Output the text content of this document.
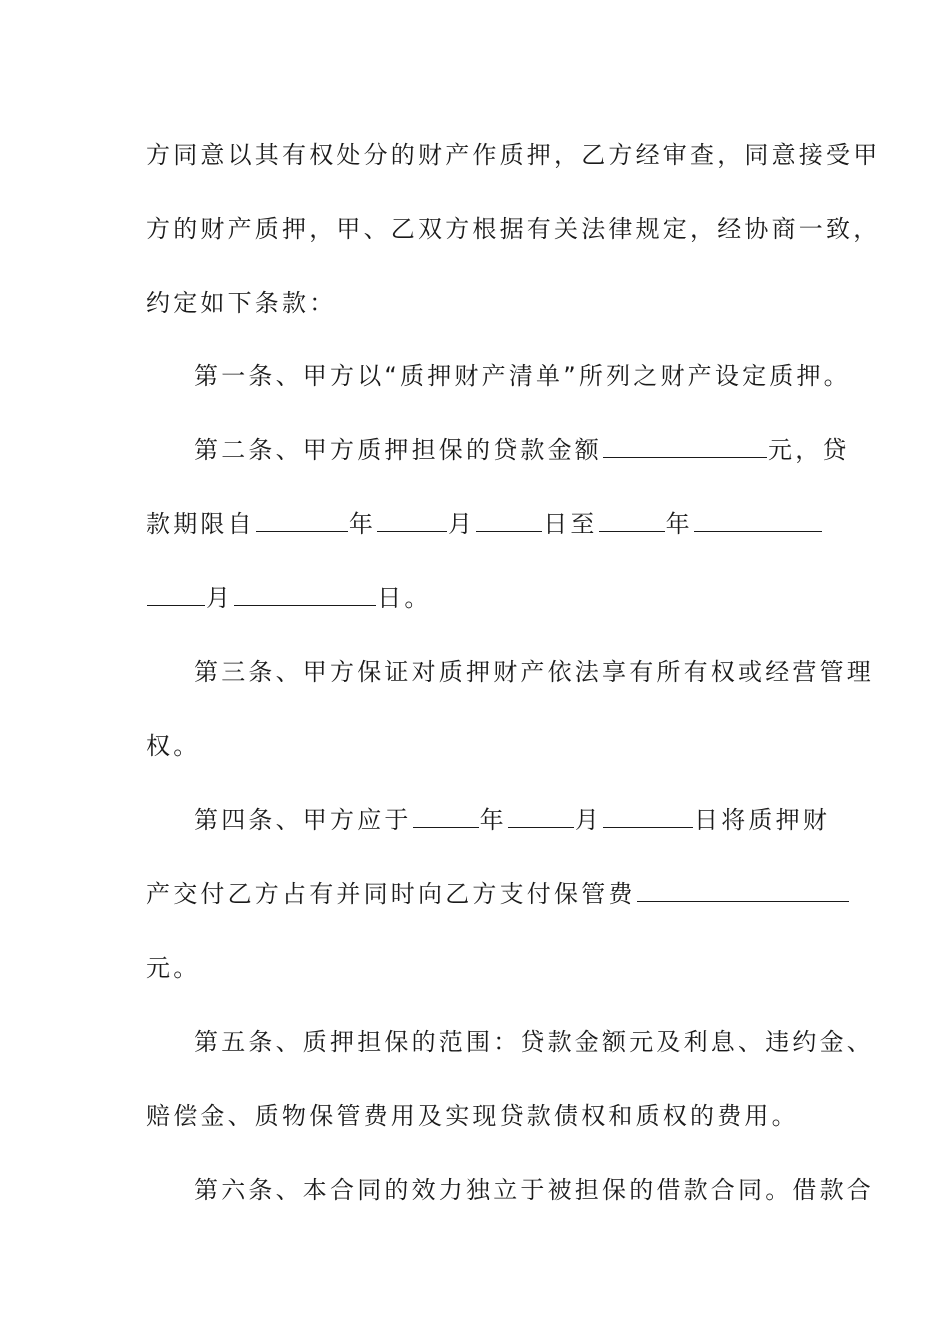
方同意以其有权处分的财产作质押，乙方经审查，同意接受甲
方的财产质押，甲、乙双方根据有关法律规定，经协商一致，
约定如下条款：
第一条、甲方以“质押财产清单”所列之财产设定质押。
第二条、甲方质押担保的贷款金额	元，贷
款期限自	年	月	日至	年
月	日。
第三条、甲方保证对质押财产依法享有所有权或经营管理
权。
第四条、甲方应于	年	月	日将质押财
产交付乙方占有并同时向乙方支付保管费
元。
第五条、质押担保的范围：贷款金额元及利息、违约金、
赔偿金、质物保管费用及实现贷款债权和质权的费用。
第六条、本合同的效力独立于被担保的借款合同。借款合
